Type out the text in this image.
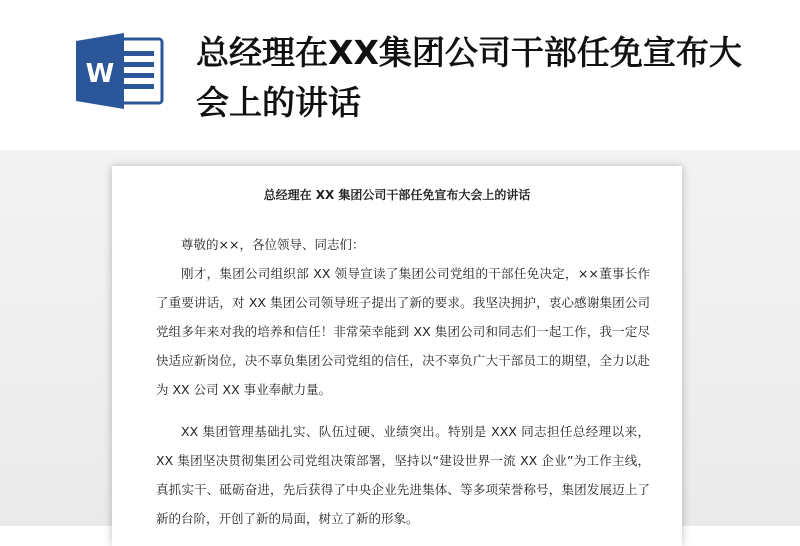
W
总经理在XX集团公司干部任免宣布大会上的讲话

总经理在 XX 集团公司干部任免宣布大会上的讲话

尊敬的××，各位领导、同志们：

刚才，集团公司组织部 XX 领导宣读了集团公司党组的干部任免决定，××董事长作了重要讲话，对 XX 集团公司领导班子提出了新的要求。我坚决拥护，衷心感谢集团公司党组多年来对我的培养和信任！非常荣幸能到 XX 集团公司和同志们一起工作，我一定尽快适应新岗位，决不辜负集团公司党组的信任，决不辜负广大干部员工的期望，全力以赴为 XX 公司 XX 事业奉献力量。

XX 集团管理基础扎实、队伍过硬、业绩突出。特别是 XXX 同志担任总经理以来，XX 集团坚决贯彻集团公司党组决策部署，坚持以“建设世界一流 XX 企业”为工作主线，真抓实干、砥砺奋进，先后获得了中央企业先进集体、等多项荣誉称号，集团发展迈上了新的台阶，开创了新的局面，树立了新的形象。
